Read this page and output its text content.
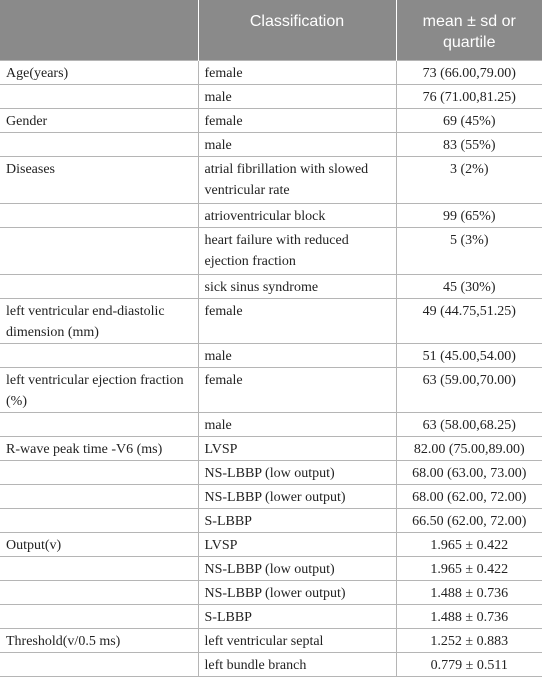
	Classification	mean ± sd or
quartile

Age(years)	female	73 (66.00,79.00)
	male	76 (71.00,81.25)
Gender	female	69 (45%)
	male	83 (55%)
Diseases	atrial fibrillation with slowed ventricular rate	3 (2%)
	atrioventricular block	99 (65%)
	heart failure with reduced ejection fraction	5 (3%)
	sick sinus syndrome	45 (30%)
left ventricular end-diastolic dimension (mm)	female	49 (44.75,51.25)
	male	51 (45.00,54.00)
left ventricular ejection fraction (%)	female	63 (59.00,70.00)
	male	63 (58.00,68.25)
R-wave peak time -V6 (ms)	LVSP	82.00 (75.00,89.00)
	NS-LBBP (low output)	68.00 (63.00, 73.00)
	NS-LBBP (lower output)	68.00 (62.00, 72.00)
	S-LBBP	66.50 (62.00, 72.00)
Output(v)	LVSP	1.965 ± 0.422
	NS-LBBP (low output)	1.965 ± 0.422
	NS-LBBP (lower output)	1.488 ± 0.736
	S-LBBP	1.488 ± 0.736
Threshold(v/0.5 ms)	left ventricular septal	1.252 ± 0.883
	left bundle branch	0.779 ± 0.511
